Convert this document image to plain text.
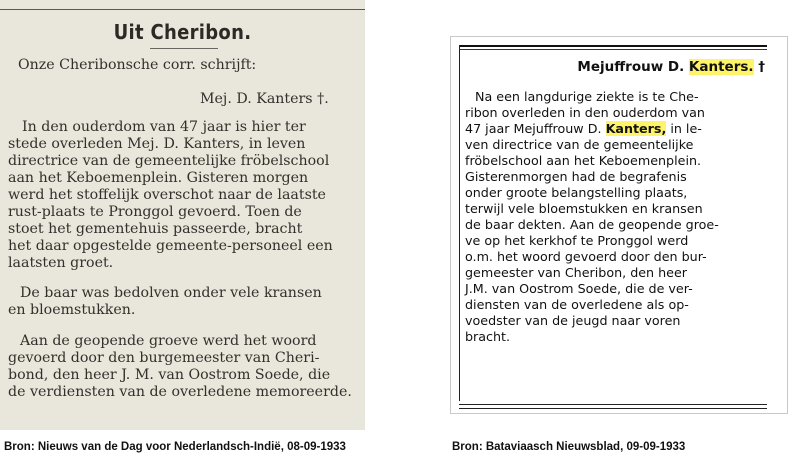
Uit Cheribon.
Onze Cheribonsche corr. schrijft:
Mej. D. Kanters †.
In den ouderdom van 47 jaar is hier ter
stede overleden Mej. D. Kanters, in leven
directrice van de gemeentelijke fröbelschool
aan het Keboemenplein. Gisteren morgen
werd het stoffelijk overschot naar de laatste
rust-plaats te Pronggol gevoerd. Toen de
stoet het gementehuis passeerde, bracht
het daar opgestelde gemeente-personeel een
laatsten groet.
De baar was bedolven onder vele kransen
en bloemstukken.
Aan de geopende groeve werd het woord
gevoerd door den burgemeester van Cheri-
bond, den heer J. M. van Oostrom Soede, die
de verdiensten van de overledene memoreerde.
Mejuffrouw D. Kanters. †
Na een langdurige ziekte is te Che-
ribon overleden in den ouderdom van
47 jaar Mejuffrouw D. Kanters, in le-
ven directrice van de gemeentelijke
fröbelschool aan het Keboemenplein.
Gisterenmorgen had de begrafenis
onder groote belangstelling plaats,
terwijl vele bloemstukken en kransen
de baar dekten. Aan de geopende groe-
ve op het kerkhof te Pronggol werd
o.m. het woord gevoerd door den bur-
gemeester van Cheribon, den heer
J.M. van Oostrom Soede, die de ver-
diensten van de overledene als op-
voedster van de jeugd naar voren
bracht.
Bron: Nieuws van de Dag voor Nederlandsch-Indië, 08-09-1933	Bron: Bataviaasch Nieuwsblad, 09-09-1933
